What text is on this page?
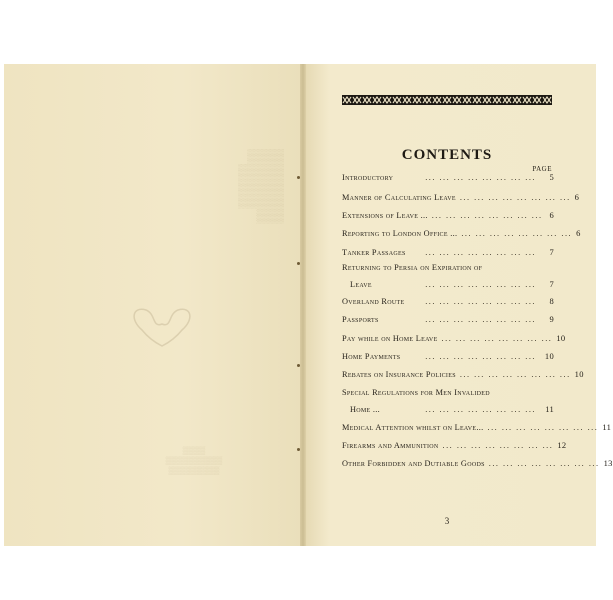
▒▒▒▒
▒▒▒▒▒
▒▒▒▒▒
▒▒▒▒▒
▒▒▒
▒▒▒▒
▒▒▒▒▒▒▒▒▒▒
▒▒▒▒▒▒▒▒▒
CONTENTS
PAGE
Introductory	... ... ... ... ... ... ... ...	5
Manner of Calculating Leave ... ... ... ... ... ... ... ... 6
Extensions of Leave ... ... ... ... ... ... ... ... ... 6
Reporting to London Office ... ... ... ... ... ... ... ... ... 6
Tanker Passages	... ... ... ... ... ... ... ...	7
Returning to Persia on Expiration of
Leave	... ... ... ... ... ... ... ...	7
Overland Route	... ... ... ... ... ... ... ...	8
Passports	... ... ... ... ... ... ... ...	9
Pay while on Home Leave ... ... ... ... ... ... ... ... 10
Home Payments	... ... ... ... ... ... ... ...	10
Rebates on Insurance Policies ... ... ... ... ... ... ... ... 10
Special Regulations for Men Invalided
Home ...	... ... ... ... ... ... ... ...	11
Medical Attention whilst on Leave... ... ... ... ... ... ... ... ... 11
Firearms and Ammunition ... ... ... ... ... ... ... ... 12
Other Forbidden and Dutiable Goods ... ... ... ... ... ... ... ... 13
3
